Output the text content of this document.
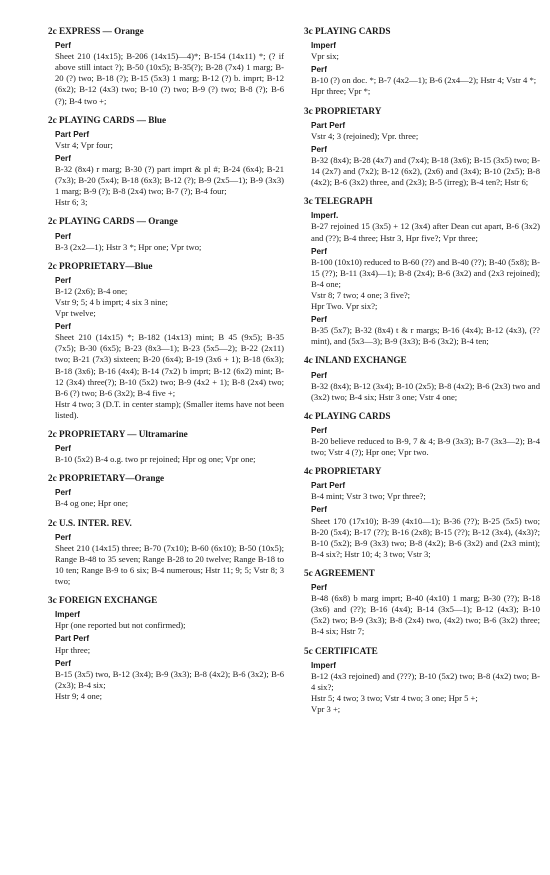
2c EXPRESS — Orange
Perf
Sheet 210 (14x15); B-206 (14x15)—4)*; B-154 (14x11) *; (? if above still intact ?); B-50 (10x5); B-35(?); B-28 (7x4) 1 marg; B-20 (?) two; B-18 (?); B-15 (5x3) 1 marg; B-12 (?) b. imprt; B-12 (6x2); B-12 (4x3) two; B-10 (?) two; B-9 (?) two; B-8 (?); B-6 (?); B-4 two +;
2c PLAYING CARDS — Blue
Part Perf
Vstr 4; Vpr four;
Perf
B-32 (8x4) r marg; B-30 (?) part imprt & pl #; B-24 (6x4); B-21 (7x3); B-20 (5x4); B-18 (6x3); B-12 (?); B-9 (2x5—1); B-9 (3x3) 1 marg; B-9 (?); B-8 (2x4) two; B-7 (?); B-4 four;
Hstr 6; 3;
2c PLAYING CARDS — Orange
Perf
B-3 (2x2—1); Hstr 3 *; Hpr one; Vpr two;
2c PROPRIETARY—Blue
Perf
B-12 (2x6); B-4 one;
Vstr 9; 5; 4 b imprt; 4 six 3 nine;
Vpr twelve;
Perf
Sheet 210 (14x15) *; B-182 (14x13) mint; B 45 (9x5); B-35 (7x5); B-30 (6x5); B-23 (8x3—1); B-23 (5x5—2); B-22 (2x11) two; B-21 (7x3) sixteen; B-20 (6x4); B-19 (3x6 + 1); B-18 (6x3); B-18 (3x6); B-16 (4x4); B-14 (7x2) b imprt; B-12 (6x2) mint; B-12 (3x4) three(?); B-10 (5x2) two; B-9 (4x2 + 1); B-8 (2x4) two; B-6 (?) two; B-6 (3x2); B-4 five +;
Hstr 4 two; 3 (D.T. in center stamp); (Smaller items have not been listed).
2c PROPRIETARY — Ultramarine
Perf
B-10 (5x2) B-4 o.g. two pr rejoined; Hpr og one; Vpr one;
2c PROPRIETARY—Orange
Perf
B-4 og one; Hpr one;
2c U.S. INTER. REV.
Perf
Sheet 210 (14x15) three; B-70 (7x10); B-60 (6x10); B-50 (10x5); Range B-48 to 35 seven; Range B-28 to 20 twelve; Range B-18 to 10 ten; Range B-9 to 6 six; B-4 numerous; Hstr 11; 9; 5; Vstr 8; 3 two;
3c FOREIGN EXCHANGE
Imperf
Hpr (one reported but not confirmed);
Part Perf
Hpr three;
Perf
B-15 (3x5) two, B-12 (3x4); B-9 (3x3); B-8 (4x2); B-6 (3x2); B-6 (2x3); B-4 six;
Hstr 9; 4 one;
3c PLAYING CARDS
Imperf
Vpr six;
Perf
B-10 (?) on doc. *; B-7 (4x2—1); B-6 (2x4—2); Hstr 4; Vstr 4 *;
Hpr three; Vpr *;
3c PROPRIETARY
Part Perf
Vstr 4; 3 (rejoined); Vpr. three;
Perf
B-32 (8x4); B-28 (4x7) and (7x4); B-18 (3x6); B-15 (3x5) two; B-14 (2x7) and (7x2); B-12 (6x2), (2x6) and (3x4); B-10 (2x5); B-8 (4x2); B-6 (3x2) three, and (2x3); B-5 (irreg); B-4 ten?; Hstr 6;
3c TELEGRAPH
Imperf.
B-27 rejoined 15 (3x5) + 12 (3x4) after Dean cut apart, B-6 (3x2) and (??); B-4 three; Hstr 3, Hpr five?; Vpr three;
Perf
B-100 (10x10) reduced to B-60 (??) and B-40 (??); B-40 (5x8); B-15 (??); B-11 (3x4)—1); B-8 (2x4); B-6 (3x2) and (2x3 rejoined); B-4 one;
Vstr 8; 7 two; 4 one; 3 five?;
Hpr Two. Vpr six?;
Perf
B-35 (5x7); B-32 (8x4) t & r margs; B-16 (4x4); B-12 (4x3), (?? mint), and (5x3—3); B-9 (3x3); B-6 (3x2); B-4 ten;
4c INLAND EXCHANGE
Perf
B-32 (8x4); B-12 (3x4); B-10 (2x5); B-8 (4x2); B-6 (2x3) two and (3x2) two; B-4 six; Hstr 3 one; Vstr 4 one;
4c PLAYING CARDS
Perf
B-20 believe reduced to B-9, 7 & 4; B-9 (3x3); B-7 (3x3—2); B-4 two; Vstr 4 (?); Hpr one; Vpr two.
4c PROPRIETARY
Part Perf
B-4 mint; Vstr 3 two; Vpr three?;
Perf
Sheet 170 (17x10); B-39 (4x10—1); B-36 (??); B-25 (5x5) two; B-20 (5x4); B-17 (??); B-16 (2x8); B-15 (??); B-12 (3x4), (4x3)?; B-10 (5x2); B-9 (3x3) two; B-8 (4x2); B-6 (3x2) and (2x3 mint); B-4 six?; Hstr 10; 4; 3 two; Vstr 3;
5c AGREEMENT
Perf
B-48 (6x8) b marg imprt; B-40 (4x10) 1 marg; B-30 (??); B-18 (3x6) and (??); B-16 (4x4); B-14 (3x5—1); B-12 (4x3); B-10 (5x2) two; B-9 (3x3); B-8 (2x4) two, (4x2) two; B-6 (3x2) three; B-4 six; Hstr 7;
5c CERTIFICATE
Imperf
B-12 (4x3 rejoined) and (???); B-10 (5x2) two; B-8 (4x2) two; B-4 six?;
Hstr 5; 4 two; 3 two; Vstr 4 two; 3 one; Hpr 5 +;
Vpr 3 +;
